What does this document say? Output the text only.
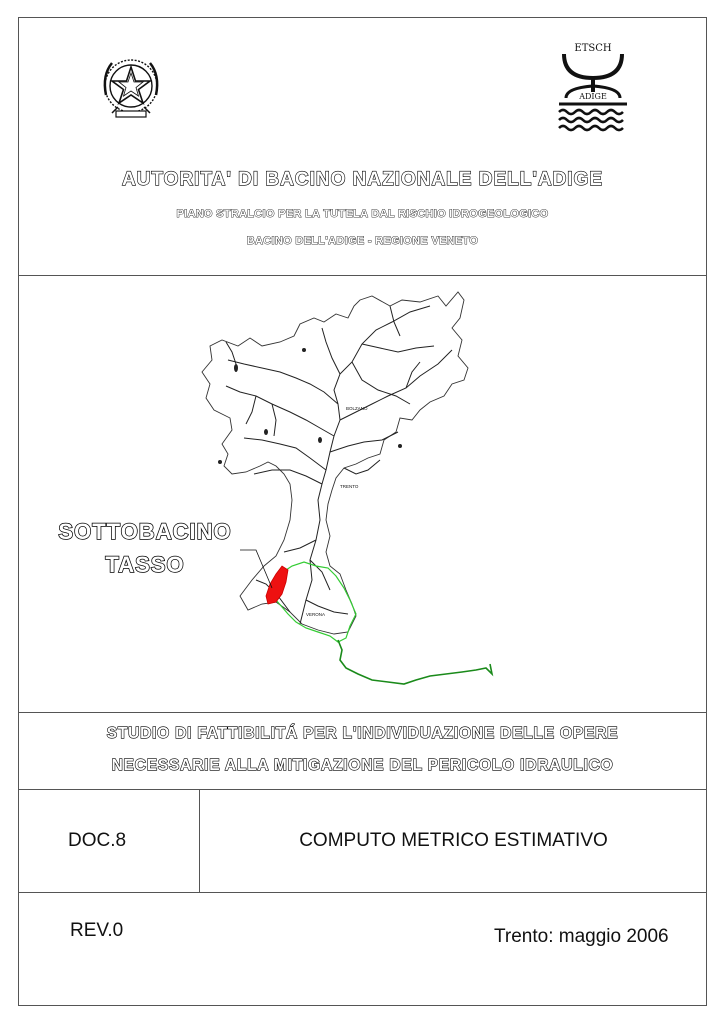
ETSCH
ADIGE
AUTORITA' DI BACINO NAZIONALE DELL'ADIGE
PIANO STRALCIO PER LA TUTELA DAL RISCHIO IDROGEOLOGICO
BACINO DELL'ADIGE - REGIONE VENETO
BOLZANO
TRENTO
VERONA
SOTTOBACINO
TASSO
STUDIO DI FATTIBILITÁ PER L'INDIVIDUAZIONE DELLE OPERE
NECESSARIE ALLA MITIGAZIONE DEL PERICOLO IDRAULICO
DOC.8	COMPUTO METRICO ESTIMATIVO
REV.0	Trento: maggio 2006
